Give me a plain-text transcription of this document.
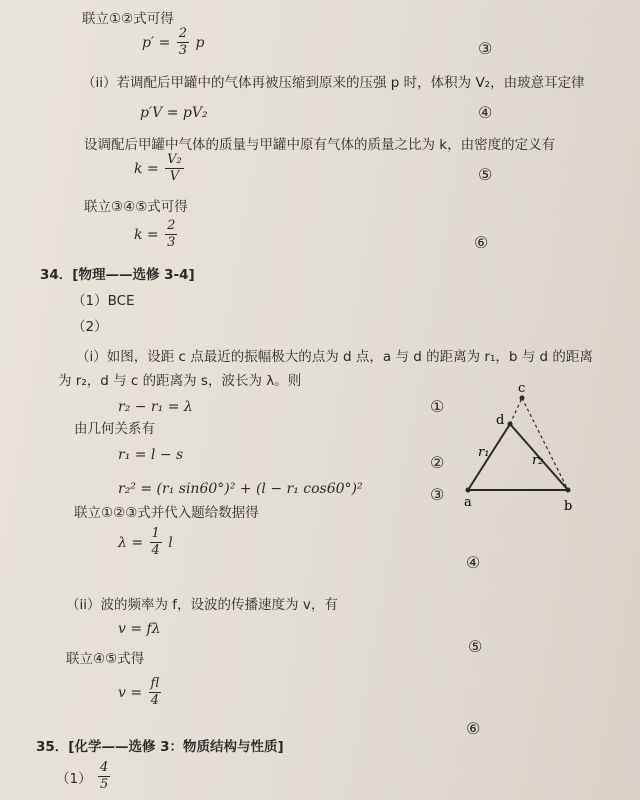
联立①②式可得
$p' = \frac{2}{3}$ p	③
（ii）若调配后甲罐中的气体再被压缩到原来的压强 p 时，体积为 V₂，由玻意耳定律
p′V = pV₂	④
设调配后甲罐中气体的质量与甲罐中原有气体的质量之比为 k，由密度的定义有
$k = \frac{\text{V₂}}{V}$	⑤
联立③④⑤式可得
$k = \frac{2}{3}$	⑥
34．[物理——选修 3-4]
（1）BCE
（2）
（i）如图，设距 c 点最近的振幅极大的点为 d 点，a 与 d 的距离为 r₁，b 与 d 的距离
为 r₂，d 与 c 的距离为 s，波长为 λ。则
r₂ − r₁ = λ	①
由几何关系有
r₁ = l − s	②
r₂² = (r₁ sin60°)² + (l − r₁ cos60°)²	③
联立①②③式并代入题给数据得
$\lambda = \frac{1}{4}$ l
④
（ii）波的频率为 f，设波的传播速度为 v，有
v = fλ
⑤
联立④⑤式得
$v = \frac{fl}{4}$
⑥
a	b
c
d
r₁
r₂
35．[化学——选修 3：物质结构与性质]
$(1) \frac{4}{5}$
